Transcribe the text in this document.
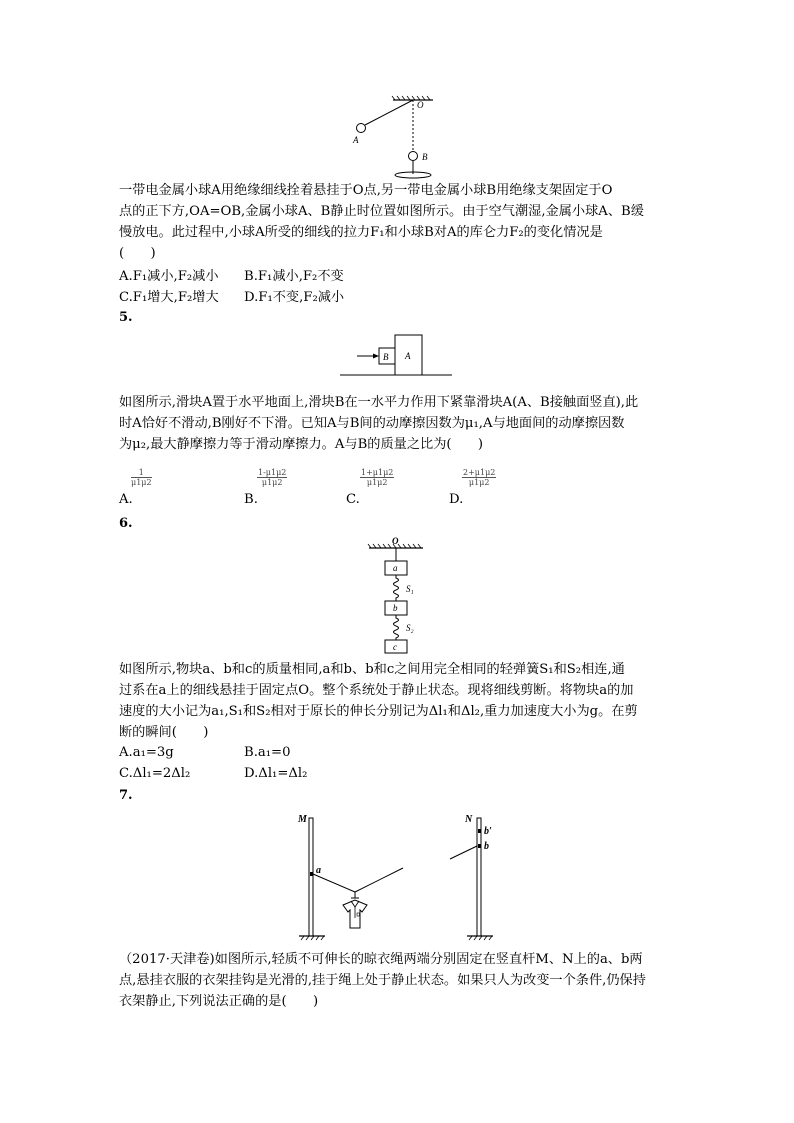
O
A
B
一带电金属小球A用绝缘细线拴着悬挂于O点,另一带电金属小球B用绝缘支架固定于O
点的正下方,OA=OB,金属小球A、B静止时位置如图所示。由于空气潮湿,金属小球A、B缓
慢放电。此过程中,小球A所受的细线的拉力F₁和小球B对A的库仑力F₂的变化情况是
(　　)
A.F₁减小,F₂减小 B.F₁减小,F₂不变
C.F₁增大,F₂增大 D.F₁不变,F₂减小
5.
B A
如图所示,滑块A置于水平地面上,滑块B在一水平力作用下紧靠滑块A(A、B接触面竖直),此
时A恰好不滑动,B刚好不下滑。已知A与B间的动摩擦因数为μ₁,A与地面间的动摩擦因数
为μ₂,最大静摩擦力等于滑动摩擦力。A与B的质量之比为(　　)
$\frac{1}{\mu 1\mu 2}$
A.
$\frac{1-\mu 1\mu 2}{\mu 1\mu 2}$
B.
$\frac{1+\mu 1\mu 2}{\mu 1\mu 2}$
C.
$\frac{2+\mu 1\mu 2}{\mu 1\mu 2}$
D.
6.
O
a
S₁
b
S₂
c
如图所示,物块a、b和c的质量相同,a和b、b和c之间用完全相同的轻弹簧S₁和S₂相连,通
过系在a上的细线悬挂于固定点O。整个系统处于静止状态。现将细线剪断。将物块a的加
速度的大小记为a₁,S₁和S₂相对于原长的伸长分别记为Δl₁和Δl₂,重力加速度大小为g。在剪
断的瞬间(　　)
A.a₁=3g	B.a₁=0
C.Δl₁=2Δl₂	D.Δl₁=Δl₂
7.
M	N
a
b′
b
（2017·天津卷)如图所示,轻质不可伸长的晾衣绳两端分别固定在竖直杆M、N上的a、b两
点,悬挂衣服的衣架挂钩是光滑的,挂于绳上处于静止状态。如果只人为改变一个条件,仍保持
衣架静止,下列说法正确的是(　　)
